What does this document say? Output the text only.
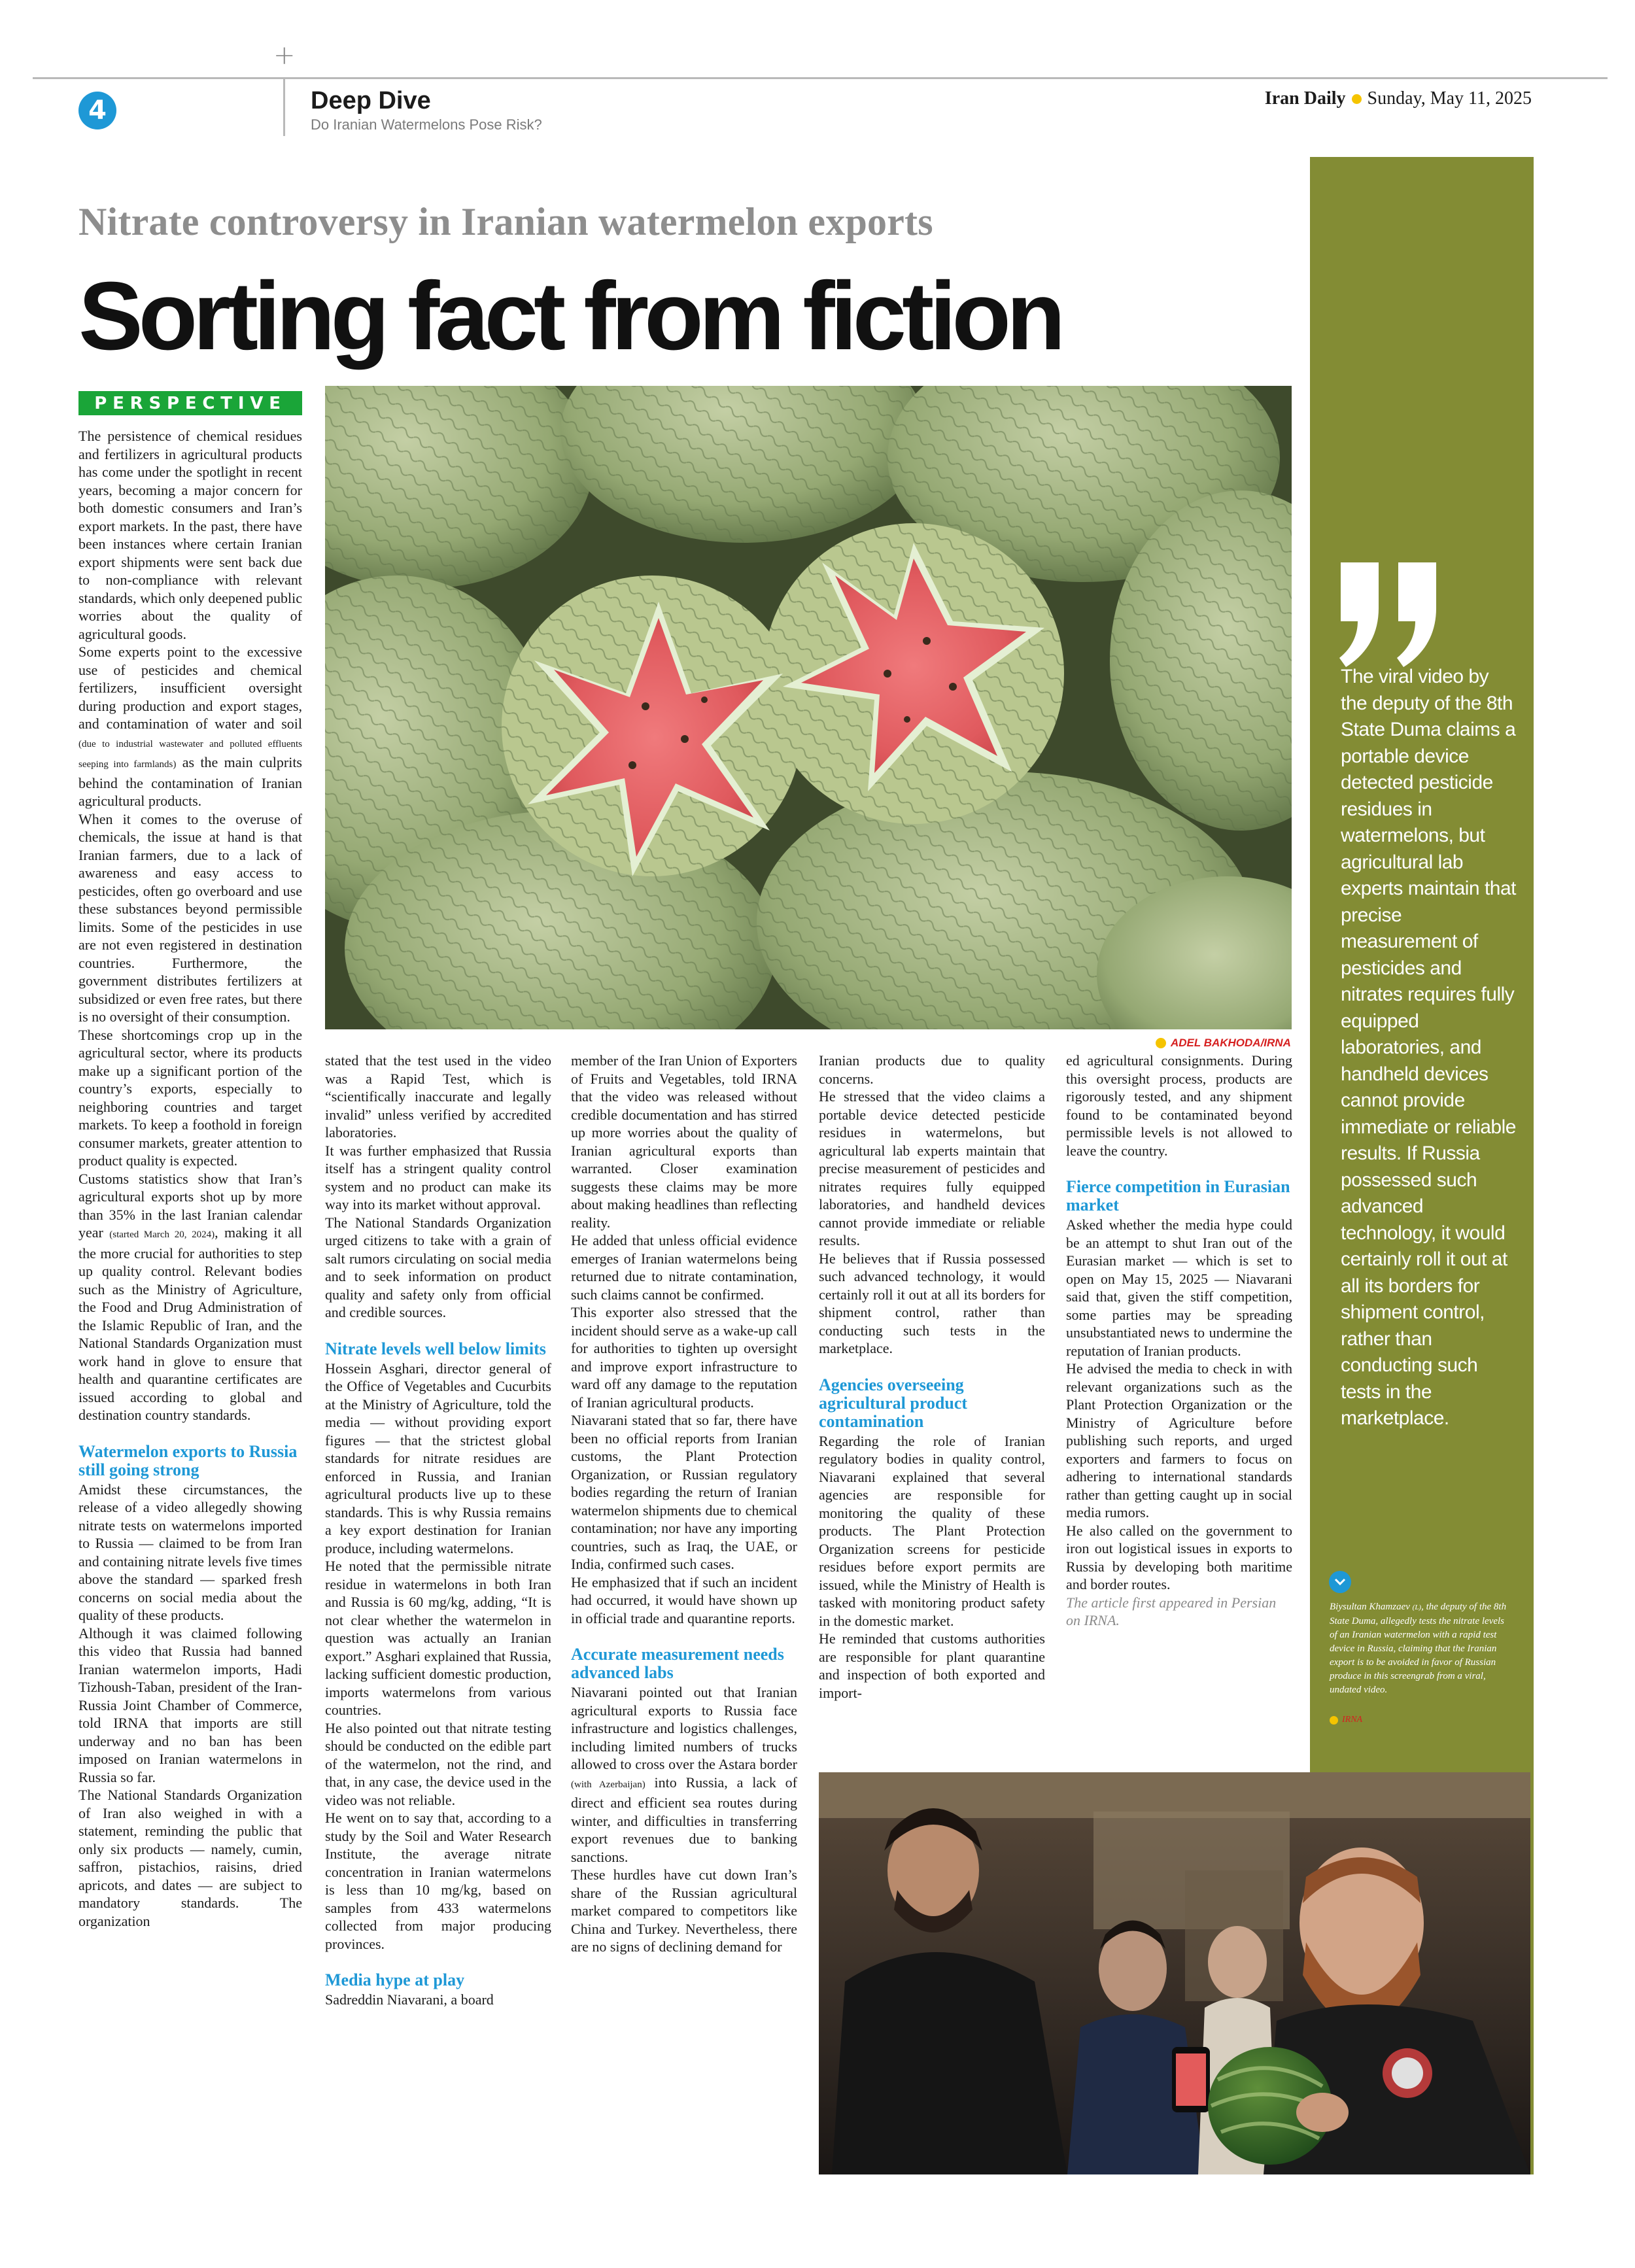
+
4	Deep Dive
Do Iranian Watermelons Pose Risk?
Iran Daily Sunday, May 11, 2025
The viral video by the deputy of the 8th State Duma claims a portable device detected pesticide residues in watermelons, but agricultural lab experts maintain that precise measurement of pesticides and nitrates requires fully equipped laboratories, and handheld devices cannot provide immediate or reliable results. If Russia possessed such advanced technology, it would certainly roll it out at all its borders for shipment control, rather than conducting such tests in the marketplace.
Biysultan Khamzaev (L), the deputy of the 8th State Duma, allegedly tests the nitrate levels of an Iranian watermelon with a rapid test device in Russia, claiming that the Iranian export is to be avoided in favor of Russian produce in this screengrab from a viral, undated video.
IRNA
Nitrate controversy in Iranian watermelon exports
Sorting fact from fiction
PERSPECTIVE
ADEL BAKHODA/IRNA

The persistence of chemical residues and fertilizers in agricultural products has come under the spotlight in recent years, becoming a major concern for both domestic consumers and Iran’s export markets. In the past, there have been instances where certain Iranian export shipments were sent back due to non-compliance with relevant standards, which only deepened public worries about the quality of agricultural goods.

Some experts point to the excessive use of pesticides and chemical fertilizers, insufficient oversight during production and export stages, and contamination of water and soil (due to industrial wastewater and polluted effluents seeping into farmlands) as the main culprits behind the contamination of Iranian agricultural products.

When it comes to the overuse of chemicals, the issue at hand is that Iranian farmers, due to a lack of awareness and easy access to pesticides, often go overboard and use these substances beyond permissible limits. Some of the pesticides in use are not even registered in destination countries. Furthermore, the government distributes fertilizers at subsidized or even free rates, but there is no oversight of their consumption.

These shortcomings crop up in the agricultural sector, where its products make up a significant portion of the country’s exports, especially to neighboring countries and target markets. To keep a foothold in foreign consumer markets, greater attention to product quality is expected.

Customs statistics show that Iran’s agricultural exports shot up by more than 35% in the last Iranian calendar year (started March 20, 2024), making it all the more crucial for authorities to step up quality control. Relevant bodies such as the Ministry of Agriculture, the Food and Drug Administration of the Islamic Republic of Iran, and the National Standards Organization must work hand in glove to ensure that health and quarantine certificates are issued according to global and destination country standards.

Watermelon exports to Russia still going strong

Amidst these circumstances, the release of a video allegedly showing nitrate tests on watermelons imported to Russia — claimed to be from Iran and containing nitrate levels five times above the standard — sparked fresh concerns on social media about the quality of these products.

Although it was claimed following this video that Russia had banned Iranian watermelon imports, Hadi Tizhoush-Taban, president of the Iran-Russia Joint Chamber of Commerce, told IRNA that imports are still underway and no ban has been imposed on Iranian watermelons in Russia so far.

The National Standards Organization of Iran also weighed in with a statement, reminding the public that only six products — namely, cumin, saffron, pistachios, raisins, dried apricots, and dates — are subject to mandatory standards. The organization

stated that the test used in the video was a Rapid Test, which is “scientifically inaccurate and legally invalid” unless verified by accredited laboratories.

It was further emphasized that Russia itself has a stringent quality control system and no product can make its way into its market without approval.

The National Standards Organization urged citizens to take with a grain of salt rumors circulating on social media and to seek information on product quality and safety only from official and credible sources.

Nitrate levels well below limits

Hossein Asghari, director general of the Office of Vegetables and Cucurbits at the Ministry of Agriculture, told the media — without providing export figures — that the strictest global standards for nitrate residues are enforced in Russia, and Iranian agricultural products live up to these standards. This is why Russia remains a key export destination for Iranian produce, including watermelons.

He noted that the permissible nitrate residue in watermelons in both Iran and Russia is 60 mg/kg, adding, “It is not clear whether the watermelon in question was actually an Iranian export.” Asghari explained that Russia, lacking sufficient domestic production, imports watermelons from various countries.

He also pointed out that nitrate testing should be conducted on the edible part of the watermelon, not the rind, and that, in any case, the device used in the video was not reliable.

He went on to say that, according to a study by the Soil and Water Research Institute, the average nitrate concentration in Iranian watermelons is less than 10 mg/kg, based on samples from 433 watermelons collected from major producing provinces.

Media hype at play

Sadreddin Niavarani, a board

member of the Iran Union of Exporters of Fruits and Vegetables, told IRNA that the video was released without credible documentation and has stirred up more worries about the quality of Iranian agricultural exports than warranted. Closer examination suggests these claims may be more about making headlines than reflecting reality.

He added that unless official evidence emerges of Iranian watermelons being returned due to nitrate contamination, such claims cannot be confirmed.

This exporter also stressed that the incident should serve as a wake-up call for authorities to tighten up oversight and improve export infrastructure to ward off any damage to the reputation of Iranian agricultural products.

Niavarani stated that so far, there have been no official reports from Iranian customs, the Plant Protection Organization, or Russian regulatory bodies regarding the return of Iranian watermelon shipments due to chemical contamination; nor have any importing countries, such as Iraq, the UAE, or India, confirmed such cases.

He emphasized that if such an incident had occurred, it would have shown up in official trade and quarantine reports.

Accurate measurement needs advanced labs

Niavarani pointed out that Iranian agricultural exports to Russia face infrastructure and logistics challenges, including limited numbers of trucks allowed to cross over the Astara border (with Azerbaijan) into Russia, a lack of direct and efficient sea routes during winter, and difficulties in transferring export revenues due to banking sanctions.

These hurdles have cut down Iran’s share of the Russian agricultural market compared to competitors like China and Turkey. Nevertheless, there are no signs of declining demand for

Iranian products due to quality concerns.

He stressed that the video claims a portable device detected pesticide residues in watermelons, but agricultural lab experts maintain that precise measurement of pesticides and nitrates requires fully equipped laboratories, and handheld devices cannot provide immediate or reliable results.

He believes that if Russia possessed such advanced technology, it would certainly roll it out at all its borders for shipment control, rather than conducting such tests in the marketplace.

Agencies overseeing agricultural product contamination

Regarding the role of Iranian regulatory bodies in quality control, Niavarani explained that several agencies are responsible for monitoring the quality of these products. The Plant Protection Organization screens for pesticide residues before export permits are issued, while the Ministry of Health is tasked with monitoring product safety in the domestic market.

He reminded that customs authorities are responsible for plant quarantine and inspection of both exported and import-

ed agricultural consignments. During this oversight process, products are rigorously tested, and any shipment found to be contaminated beyond permissible levels is not allowed to leave the country.

Fierce competition in Eurasian market

Asked whether the media hype could be an attempt to shut Iran out of the Eurasian market — which is set to open on May 15, 2025 — Niavarani said that, given the stiff competition, some parties may be spreading unsubstantiated news to undermine the reputation of Iranian products.

He advised the media to check in with relevant organizations such as the Plant Protection Organization or the Ministry of Agriculture before publishing such reports, and urged exporters and farmers to focus on adhering to international standards rather than getting caught up in social media rumors.

He also called on the government to iron out logistical issues in exports to Russia by developing both maritime and border routes.

The article first appeared in Persian on IRNA.
